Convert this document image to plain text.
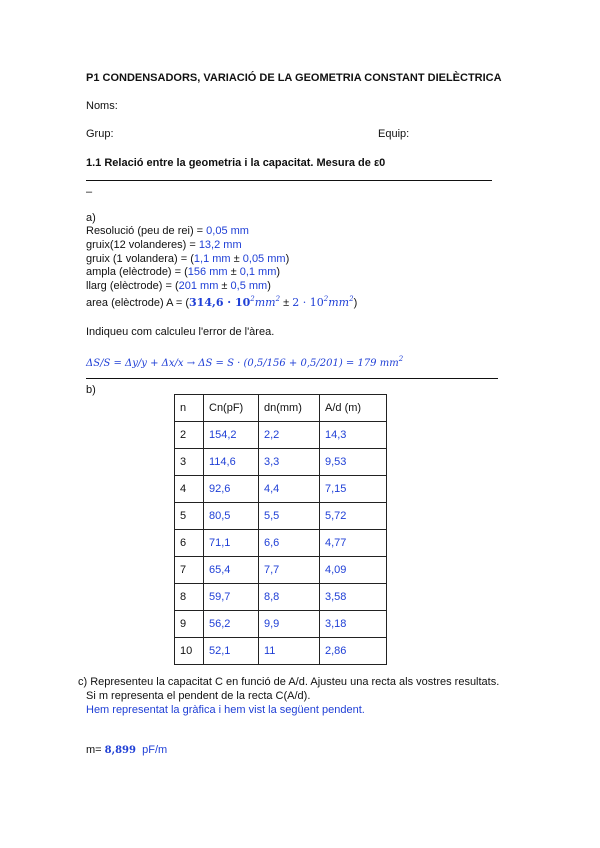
P1 CONDENSADORS, VARIACIÓ DE LA GEOMETRIA CONSTANT DIELÈCTRICA
Noms:
Grup:	Equip:
1.1 Relació entre la geometria i la capacitat. Mesura de ε0
–
a)
Resolució (peu de rei) = 0,05 mm
gruix(12 volanderes) = 13,2 mm
gruix (1 volandera) = (1,1 mm ± 0,05 mm)
ampla (elèctrode) = (156 mm ± 0,1 mm)
llarg (elèctrode) = (201 mm ± 0,5 mm)
area (elèctrode) $A = (314,6 \cdot 10^2mm^2 \pm 2 \cdot 10^2mm^2)$
Indiqueu com calculeu l'error de l'àrea.
ΔS/S = Δy/y + Δx/x → ΔS = S · (0,5/156 + 0,5/201) = 179 $mm^2$
b)
n	Cn(pF)	dn(mm)	A/d (m)
2	154,2	2,2	14,3
3	114,6	3,3	9,53
4	92,6	4,4	7,15
5	80,5	5,5	5,72
6	71,1	6,6	4,77
7	65,4	7,7	4,09
8	59,7	8,8	3,58
9	56,2	9,9	3,18
10	52,1	11	2,86
c) Representeu la capacitat C en funció de A/d. Ajusteu una recta als vostres resultats.
Si m representa el pendent de la recta C(A/d).
Hem representat la gràfica i hem vist la següent pendent.
m= 8,899 pF/m
